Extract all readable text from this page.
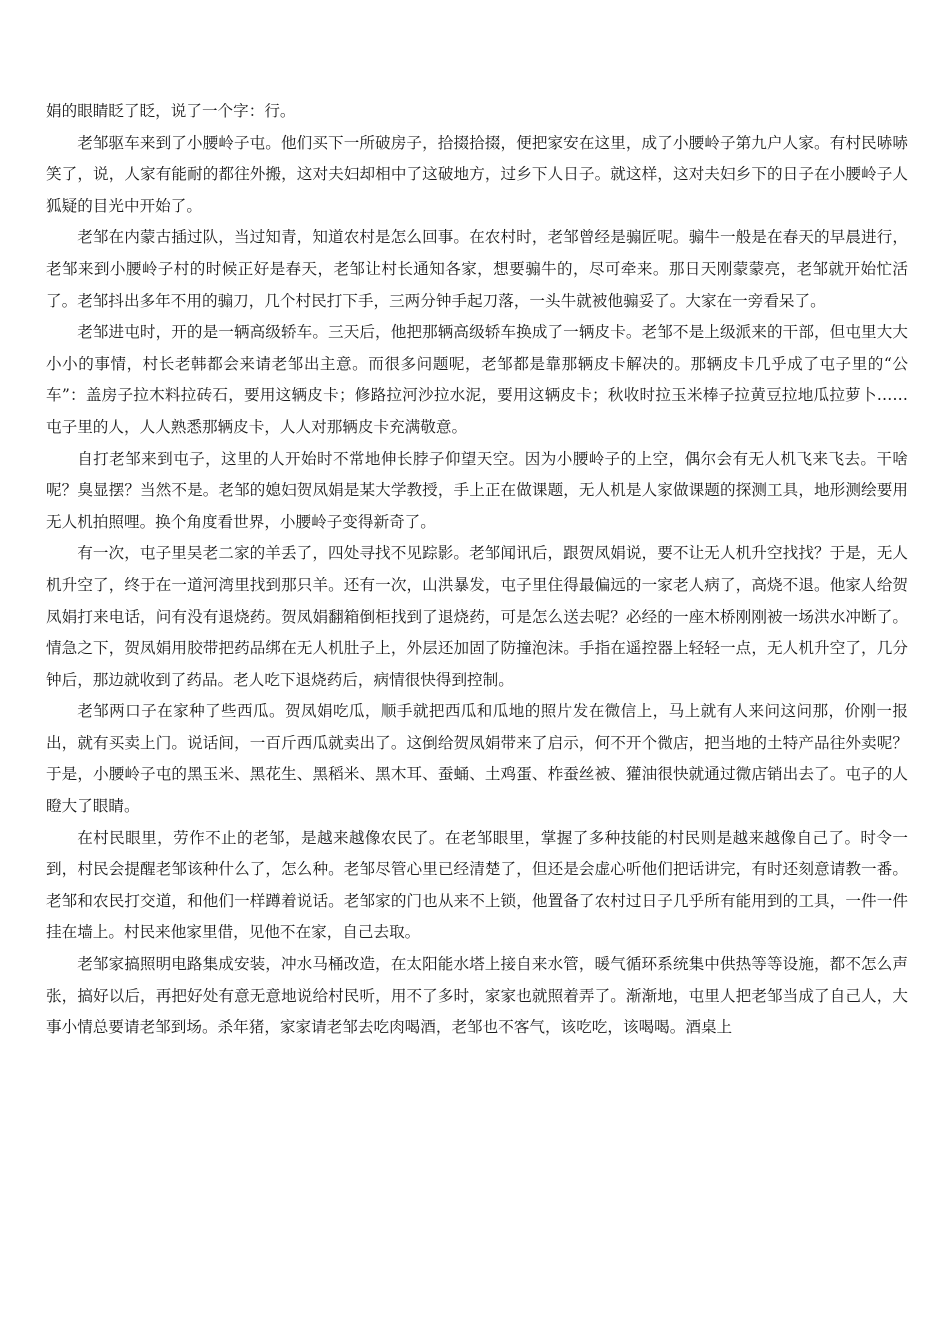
娟的眼睛眨了眨，说了一个字：行。

老邹驱车来到了小腰岭子屯。他们买下一所破房子，拾掇拾掇，便把家安在这里，成了小腰岭子第九户人家。有村民哧哧笑了，说，人家有能耐的都往外搬，这对夫妇却相中了这破地方，过乡下人日子。就这样，这对夫妇乡下的日子在小腰岭子人狐疑的目光中开始了。

老邹在内蒙古插过队，当过知青，知道农村是怎么回事。在农村时，老邹曾经是骟匠呢。骟牛一般是在春天的早晨进行，老邹来到小腰岭子村的时候正好是春天，老邹让村长通知各家，想要骟牛的，尽可牵来。那日天刚蒙蒙亮，老邹就开始忙活了。老邹抖出多年不用的骟刀，几个村民打下手，三两分钟手起刀落，一头牛就被他骟妥了。大家在一旁看呆了。

老邹进屯时，开的是一辆高级轿车。三天后，他把那辆高级轿车换成了一辆皮卡。老邹不是上级派来的干部，但屯里大大小小的事情，村长老韩都会来请老邹出主意。而很多问题呢，老邹都是靠那辆皮卡解决的。那辆皮卡几乎成了屯子里的“公车”：盖房子拉木料拉砖石，要用这辆皮卡；修路拉河沙拉水泥，要用这辆皮卡；秋收时拉玉米棒子拉黄豆拉地瓜拉萝卜……屯子里的人，人人熟悉那辆皮卡，人人对那辆皮卡充满敬意。

自打老邹来到屯子，这里的人开始时不常地伸长脖子仰望天空。因为小腰岭子的上空，偶尔会有无人机飞来飞去。干啥呢？臭显摆？当然不是。老邹的媳妇贺凤娟是某大学教授，手上正在做课题，无人机是人家做课题的探测工具，地形测绘要用无人机拍照哩。换个角度看世界，小腰岭子变得新奇了。

有一次，屯子里吴老二家的羊丢了，四处寻找不见踪影。老邹闻讯后，跟贺凤娟说，要不让无人机升空找找？于是，无人机升空了，终于在一道河湾里找到那只羊。还有一次，山洪暴发，屯子里住得最偏远的一家老人病了，高烧不退。他家人给贺凤娟打来电话，问有没有退烧药。贺凤娟翻箱倒柜找到了退烧药，可是怎么送去呢？必经的一座木桥刚刚被一场洪水冲断了。情急之下，贺凤娟用胶带把药品绑在无人机肚子上，外层还加固了防撞泡沫。手指在遥控器上轻轻一点，无人机升空了，几分钟后，那边就收到了药品。老人吃下退烧药后，病情很快得到控制。

老邹两口子在家种了些西瓜。贺凤娟吃瓜，顺手就把西瓜和瓜地的照片发在微信上，马上就有人来问这问那，价刚一报出，就有买卖上门。说话间，一百斤西瓜就卖出了。这倒给贺凤娟带来了启示，何不开个微店，把当地的土特产品往外卖呢？于是，小腰岭子屯的黑玉米、黑花生、黑稻米、黑木耳、蚕蛹、土鸡蛋、柞蚕丝被、獾油很快就通过微店销出去了。屯子的人瞪大了眼睛。

在村民眼里，劳作不止的老邹，是越来越像农民了。在老邹眼里，掌握了多种技能的村民则是越来越像自己了。时令一到，村民会提醒老邹该种什么了，怎么种。老邹尽管心里已经清楚了，但还是会虚心听他们把话讲完，有时还刻意请教一番。老邹和农民打交道，和他们一样蹲着说话。老邹家的门也从来不上锁，他置备了农村过日子几乎所有能用到的工具，一件一件挂在墙上。村民来他家里借，见他不在家，自己去取。

老邹家搞照明电路集成安装，冲水马桶改造，在太阳能水塔上接自来水管，暖气循环系统集中供热等等设施，都不怎么声张，搞好以后，再把好处有意无意地说给村民听，用不了多时，家家也就照着弄了。渐渐地，屯里人把老邹当成了自己人，大事小情总要请老邹到场。杀年猪，家家请老邹去吃肉喝酒，老邹也不客气，该吃吃，该喝喝。酒桌上
